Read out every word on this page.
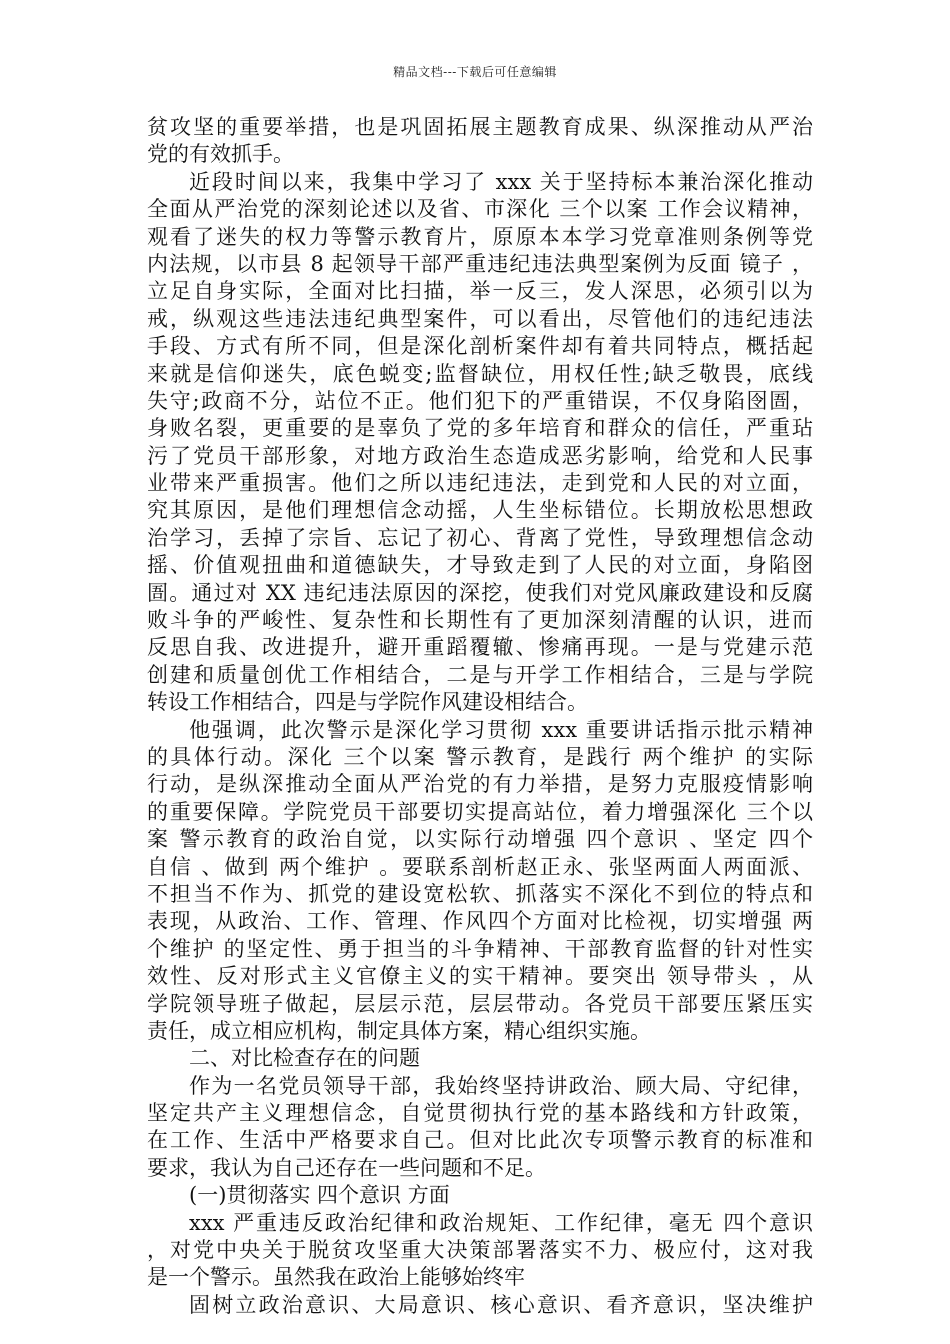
精品文档---下载后可任意编辑
贫攻坚的重要举措，也是巩固拓展主题教育成果、纵深推动从严治
党的有效抓手。
近段时间以来，我集中学习了 xxx 关于坚持标本兼治深化推动
全面从严治党的深刻论述以及省、市深化 三个以案 工作会议精神，
观看了迷失的权力等警示教育片，原原本本学习党章准则条例等党
内法规，以市县 8 起领导干部严重违纪违法典型案例为反面 镜子 ，
立足自身实际，全面对比扫描，举一反三，发人深思，必须引以为
戒，纵观这些违法违纪典型案件，可以看出，尽管他们的违纪违法
手段、方式有所不同，但是深化剖析案件却有着共同特点，概括起
来就是信仰迷失，底色蜕变;监督缺位，用权任性;缺乏敬畏，底线
失守;政商不分，站位不正。他们犯下的严重错误，不仅身陷囹圄，
身败名裂，更重要的是辜负了党的多年培育和群众的信任，严重玷
污了党员干部形象，对地方政治生态造成恶劣影响，给党和人民事
业带来严重损害。他们之所以违纪违法，走到党和人民的对立面，
究其原因，是他们理想信念动摇，人生坐标错位。长期放松思想政
治学习，丢掉了宗旨、忘记了初心、背离了党性，导致理想信念动
摇、价值观扭曲和道德缺失，才导致走到了人民的对立面，身陷囹
圄。通过对 XX 违纪违法原因的深挖，使我们对党风廉政建设和反腐
败斗争的严峻性、复杂性和长期性有了更加深刻清醒的认识，进而
反思自我、改进提升，避开重蹈覆辙、惨痛再现。一是与党建示范
创建和质量创优工作相结合，二是与开学工作相结合，三是与学院
转设工作相结合，四是与学院作风建设相结合。
他强调，此次警示是深化学习贯彻 xxx 重要讲话指示批示精神
的具体行动。深化 三个以案 警示教育，是践行 两个维护 的实际
行动，是纵深推动全面从严治党的有力举措，是努力克服疫情影响
的重要保障。学院党员干部要切实提高站位，着力增强深化 三个以
案 警示教育的政治自觉，以实际行动增强 四个意识 、坚定 四个
自信 、做到 两个维护 。要联系剖析赵正永、张坚两面人两面派、
不担当不作为、抓党的建设宽松软、抓落实不深化不到位的特点和
表现，从政治、工作、管理、作风四个方面对比检视，切实增强 两
个维护 的坚定性、勇于担当的斗争精神、干部教育监督的针对性实
效性、反对形式主义官僚主义的实干精神。要突出 领导带头 ，从
学院领导班子做起，层层示范，层层带动。各党员干部要压紧压实
责任，成立相应机构，制定具体方案，精心组织实施。
二、对比检查存在的问题
作为一名党员领导干部，我始终坚持讲政治、顾大局、守纪律，
坚定共产主义理想信念，自觉贯彻执行党的基本路线和方针政策，
在工作、生活中严格要求自己。但对比此次专项警示教育的标准和
要求，我认为自己还存在一些问题和不足。
(一)贯彻落实 四个意识 方面
xxx 严重违反政治纪律和政治规矩、工作纪律，毫无 四个意识
，对党中央关于脱贫攻坚重大决策部署落实不力、极应付，这对我
是一个警示。虽然我在政治上能够始终牢
固树立政治意识、大局意识、核心意识、看齐意识，坚决维护
